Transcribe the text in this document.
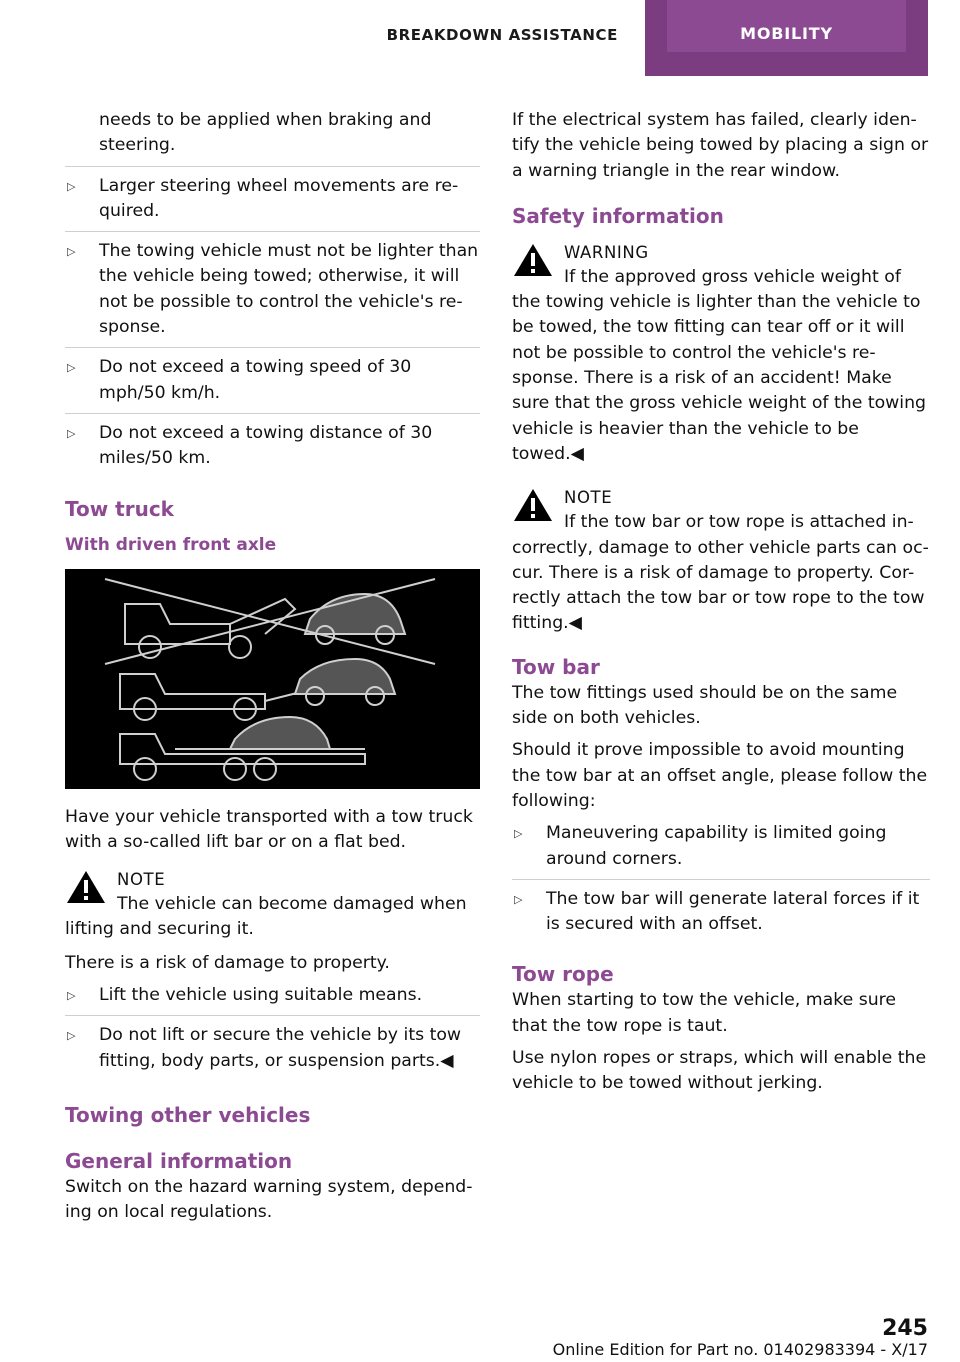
BREAKDOWN ASSISTANCE	MOBILITY

needs to be applied when braking and steering.

▷ Larger steering wheel movements are re-quired.
▷ The towing vehicle must not be lighter than the vehicle being towed; otherwise, it will not be possible to control the vehicle's re-sponse.
▷ Do not exceed a towing speed of 30 mph/50 km/h.
▷ Do not exceed a towing distance of 30 miles/50 km.
Tow truck
With driven front axle

Have your vehicle transported with a tow truck with a so-called lift bar or on a flat bed.

NOTE

The vehicle can become damaged when lifting and securing it.

There is a risk of damage to property.

▷ Lift the vehicle using suitable means.
▷ Do not lift or secure the vehicle by its tow fitting, body parts, or suspension parts.◀
Towing other vehicles
General information

Switch on the hazard warning system, depend-ing on local regulations.

If the electrical system has failed, clearly iden-tify the vehicle being towed by placing a sign or a warning triangle in the rear window.

Safety information
WARNING

If the approved gross vehicle weight of the towing vehicle is lighter than the vehicle to be towed, the tow fitting can tear off or it will not be possible to control the vehicle's re-sponse. There is a risk of an accident! Make sure that the gross vehicle weight of the towing vehicle is heavier than the vehicle to be towed.◀

NOTE

If the tow bar or tow rope is attached in-correctly, damage to other vehicle parts can oc-cur. There is a risk of damage to property. Cor-rectly attach the tow bar or tow rope to the tow fitting.◀

Tow bar

The tow fittings used should be on the same side on both vehicles.

Should it prove impossible to avoid mounting the tow bar at an offset angle, please follow the following:

▷ Maneuvering capability is limited going around corners.
▷ The tow bar will generate lateral forces if it is secured with an offset.
Tow rope

When starting to tow the vehicle, make sure that the tow rope is taut.

Use nylon ropes or straps, which will enable the vehicle to be towed without jerking.

245
Online Edition for Part no. 01402983394 - X/17
